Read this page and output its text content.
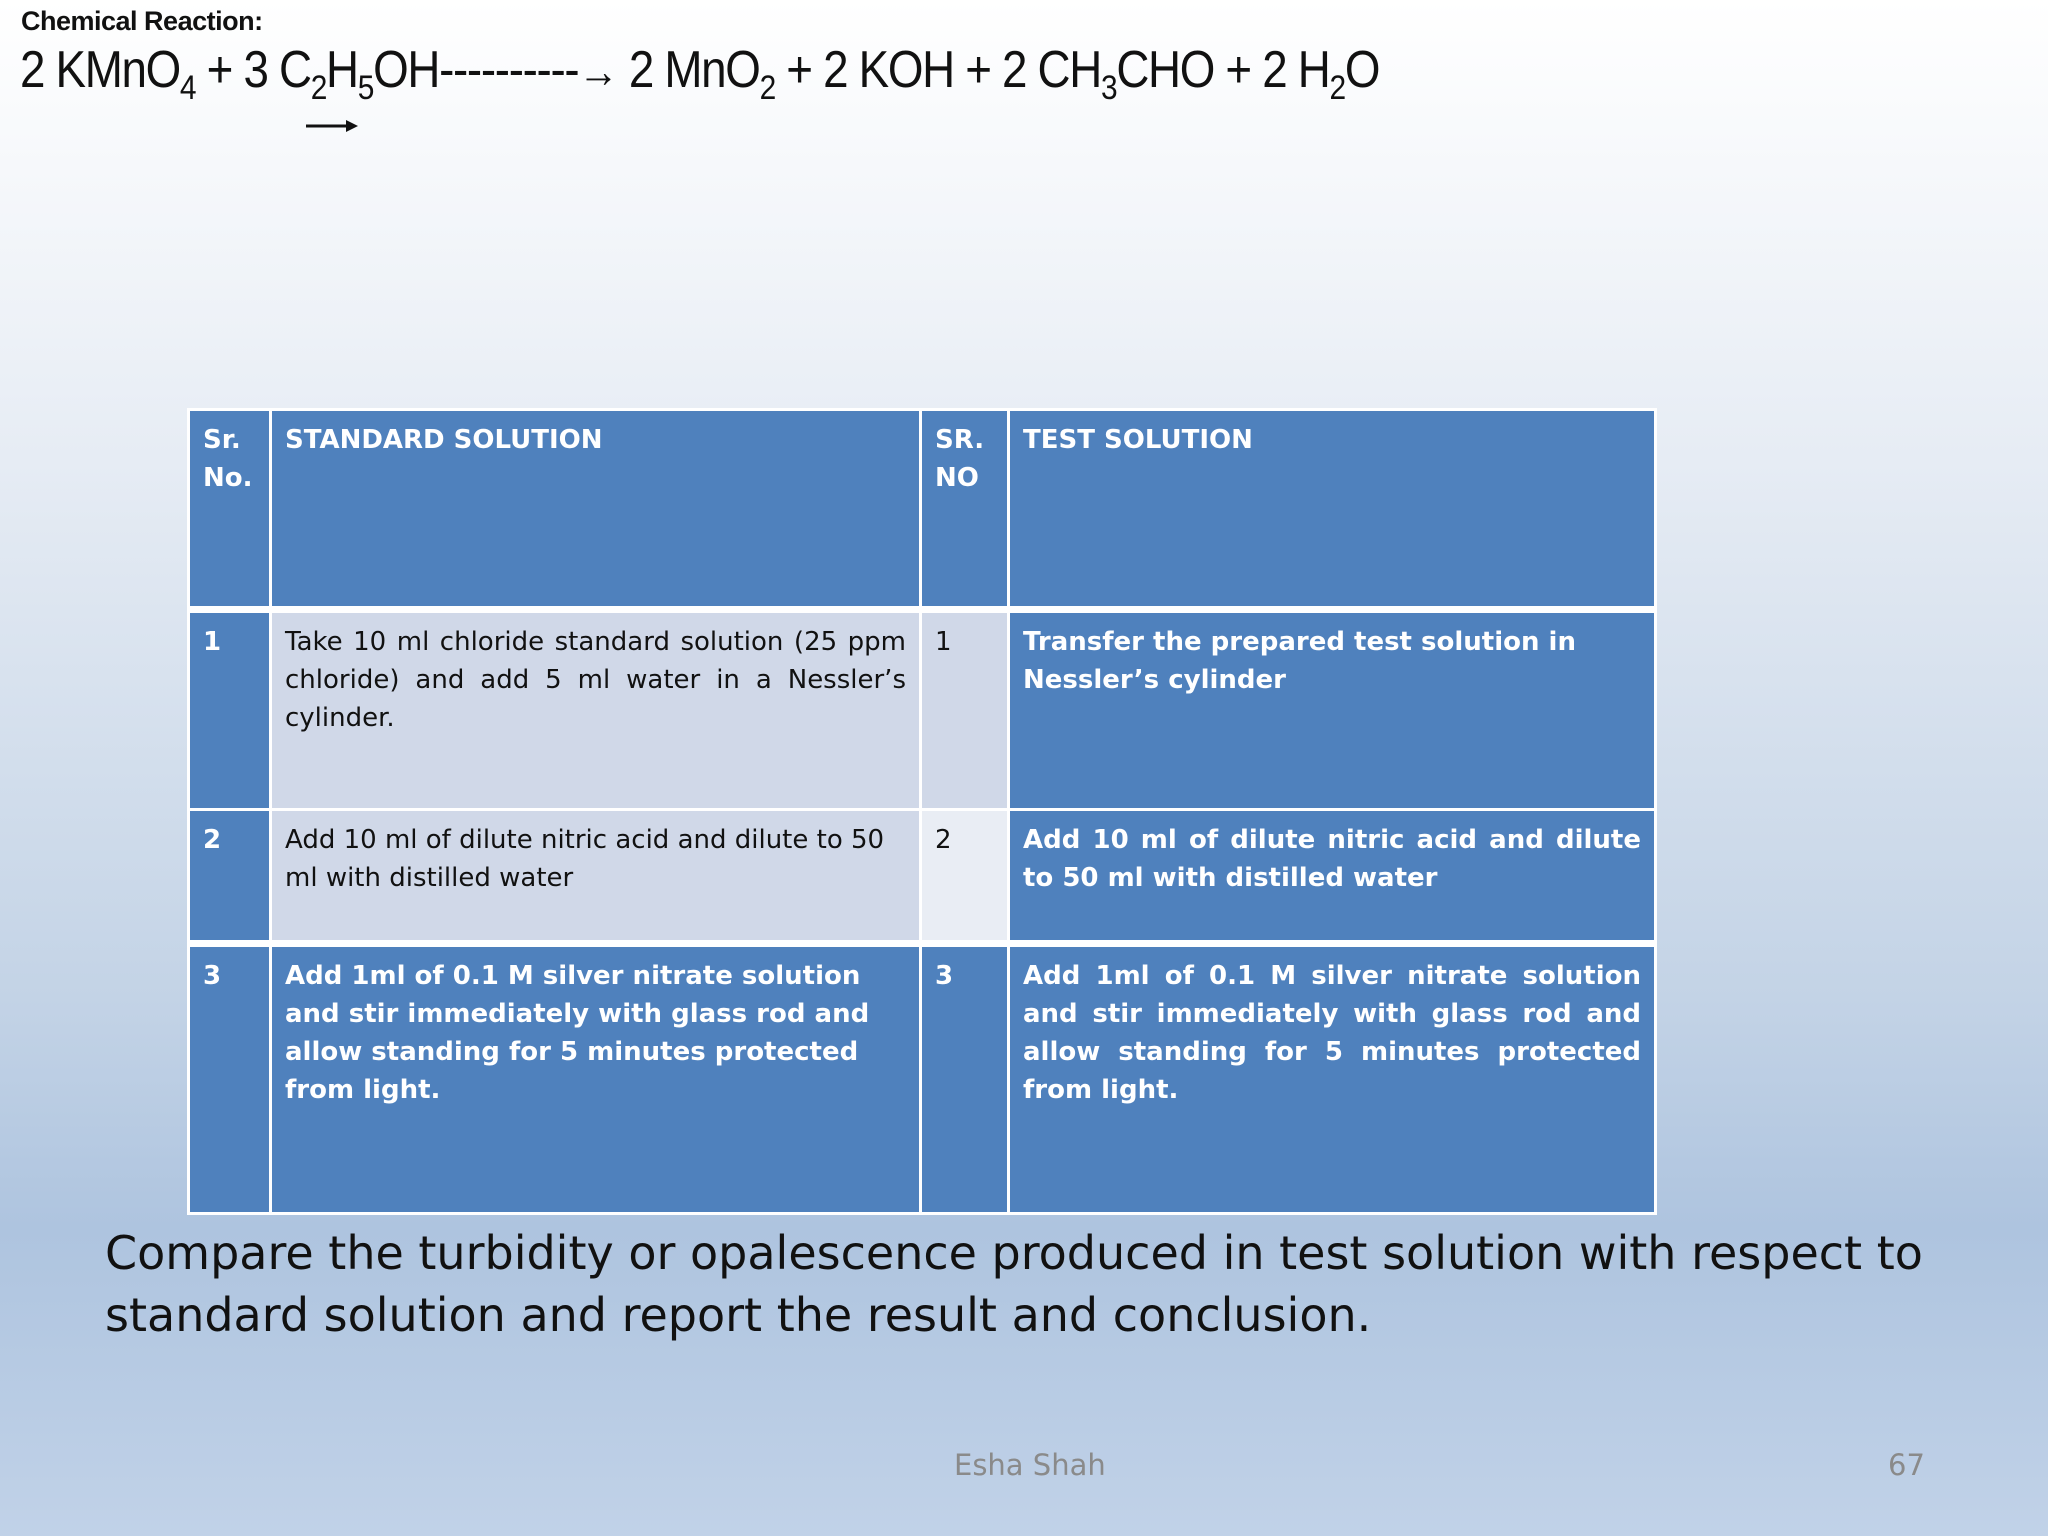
Chemical Reaction:
2 KMnO$_4$ + 3 $C_2H_5OH----------\to 2$ MnO$_2$ + 2 KOH + 2 $CH_3CHO + 2$ $H_2O$
Sr. No.	STANDARD SOLUTION	SR. NO	TEST SOLUTION
1	Take 10 ml chloride standard solution (25 ppm chloride) and add 5 ml water in a Nessler’s cylinder.	1	Transfer the prepared test solution in Nessler’s cylinder
2	Add 10 ml of dilute nitric acid and dilute to 50 ml with distilled water	2	Add 10 ml of dilute nitric acid and dilute to 50 ml with distilled water
3	Add 1ml of 0.1 M silver nitrate solution and stir immediately with glass rod and allow standing for 5 minutes protected from light.	3	Add 1ml of 0.1 M silver nitrate solution and stir immediately with glass rod and allow standing for 5 minutes protected from light.
Compare the turbidity or opalescence produced in test solution with respect to standard solution and report the result and conclusion.
Esha Shah	67
